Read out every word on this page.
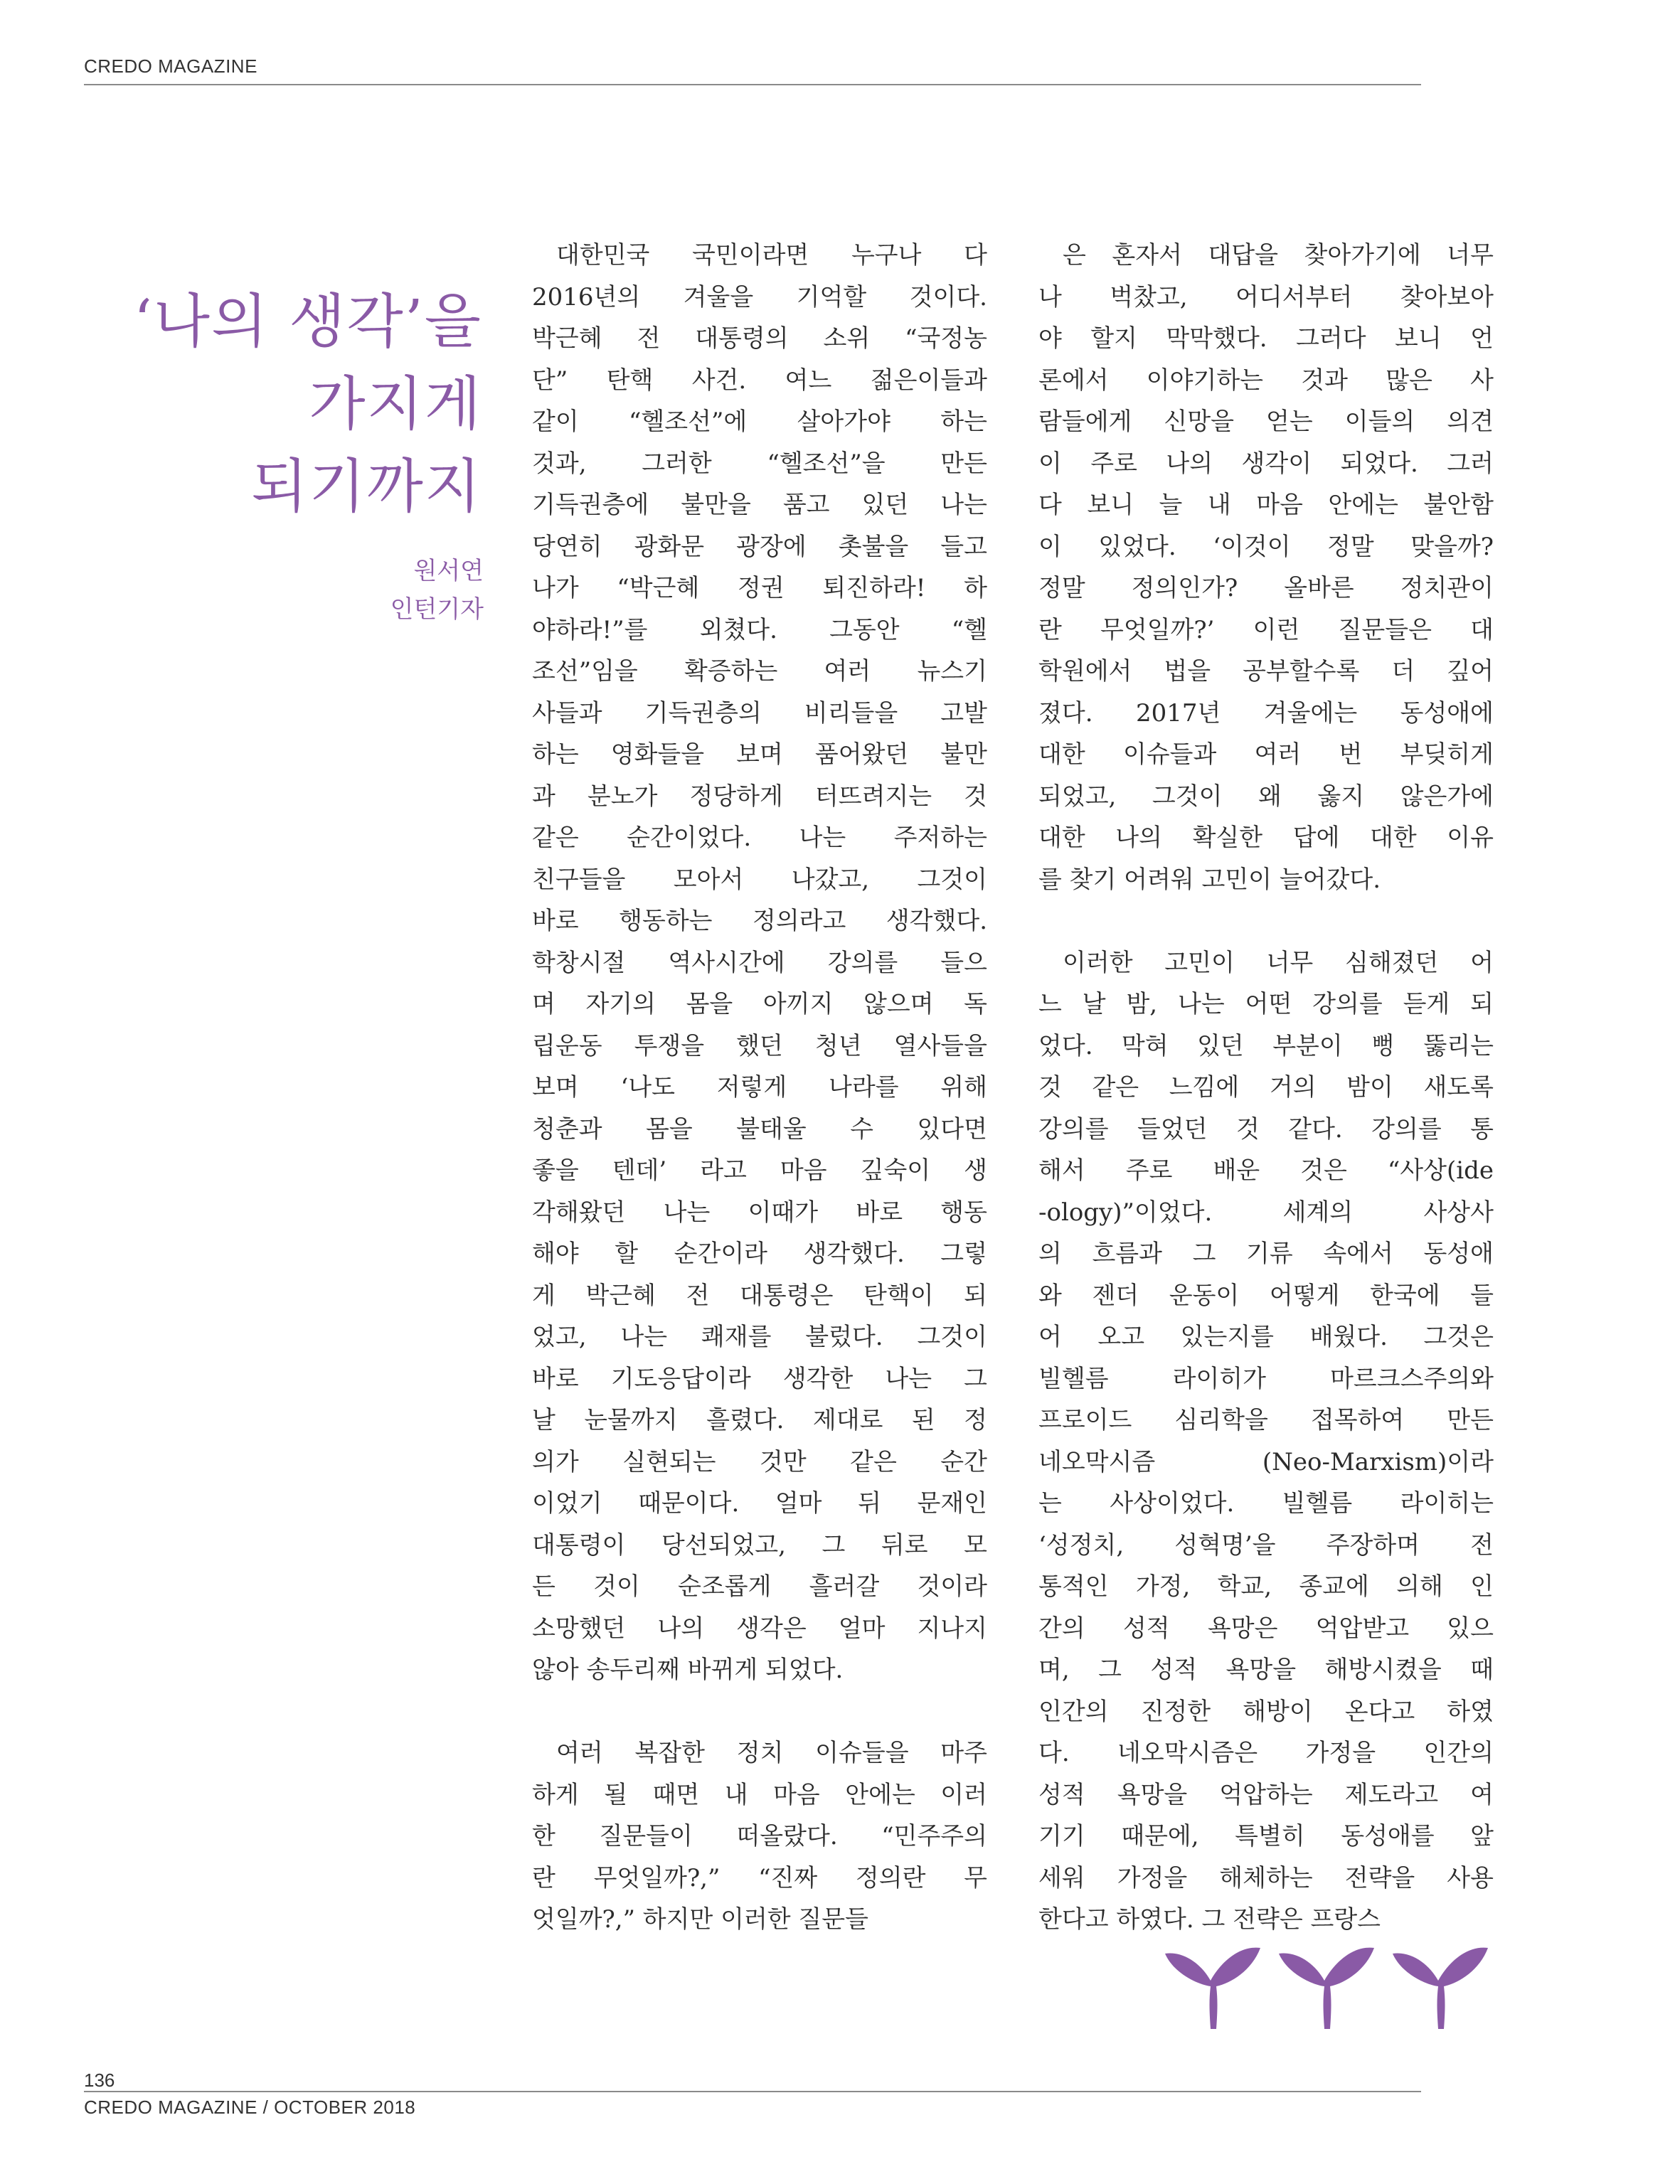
CREDO MAGAZINE
‘나의 생각’을
가지게
되기까지
원서연
인턴기자

대한민국 국민이라면 누구나 다

2016년의 겨울을 기억할 것이다.

박근혜 전 대통령의 소위 “국정농

단” 탄핵 사건. 여느 젊은이들과

같이 “헬조선”에 살아가야 하는

것과, 그러한 “헬조선”을 만든

기득권층에 불만을 품고 있던 나는

당연히 광화문 광장에 촛불을 들고

나가 “박근혜 정권 퇴진하라! 하

야하라!”를 외쳤다. 그동안 “헬

조선”임을 확증하는 여러 뉴스기

사들과 기득권층의 비리들을 고발

하는 영화들을 보며 품어왔던 불만

과 분노가 정당하게 터뜨려지는 것

같은 순간이었다. 나는 주저하는

친구들을 모아서 나갔고, 그것이

바로 행동하는 정의라고 생각했다.

학창시절 역사시간에 강의를 들으

며 자기의 몸을 아끼지 않으며 독

립운동 투쟁을 했던 청년 열사들을

보며 ‘나도 저렇게 나라를 위해

청춘과 몸을 불태울 수 있다면

좋을 텐데’ 라고 마음 깊숙이 생

각해왔던 나는 이때가 바로 행동

해야 할 순간이라 생각했다. 그렇

게 박근혜 전 대통령은 탄핵이 되

었고, 나는 쾌재를 불렀다. 그것이

바로 기도응답이라 생각한 나는 그

날 눈물까지 흘렸다. 제대로 된 정

의가 실현되는 것만 같은 순간

이었기 때문이다. 얼마 뒤 문재인

대통령이 당선되었고, 그 뒤로 모

든 것이 순조롭게 흘러갈 것이라

소망했던 나의 생각은 얼마 지나지

않아 송두리째 바뀌게 되었다.

여러 복잡한 정치 이슈들을 마주

하게 될 때면 내 마음 안에는 이러

한 질문들이 떠올랐다. “민주주의

란 무엇일까?,” “진짜 정의란 무

엇일까?,” 하지만 이러한 질문들

은 혼자서 대답을 찾아가기에 너무

나 벅찼고, 어디서부터 찾아보아

야 할지 막막했다. 그러다 보니 언

론에서 이야기하는 것과 많은 사

람들에게 신망을 얻는 이들의 의견

이 주로 나의 생각이 되었다. 그러

다 보니 늘 내 마음 안에는 불안함

이 있었다. ‘이것이 정말 맞을까?

정말 정의인가? 올바른 정치관이

란 무엇일까?’ 이런 질문들은 대

학원에서 법을 공부할수록 더 깊어

졌다. 2017년 겨울에는 동성애에

대한 이슈들과 여러 번 부딪히게

되었고, 그것이 왜 옳지 않은가에

대한 나의 확실한 답에 대한 이유

를 찾기 어려워 고민이 늘어갔다.

이러한 고민이 너무 심해졌던 어

느 날 밤, 나는 어떤 강의를 듣게 되

었다. 막혀 있던 부분이 뻥 뚫리는

것 같은 느낌에 거의 밤이 새도록

강의를 들었던 것 같다. 강의를 통

해서 주로 배운 것은 “사상(ide

-ology)”이었다. 세계의 사상사

의 흐름과 그 기류 속에서 동성애

와 젠더 운동이 어떻게 한국에 들

어 오고 있는지를 배웠다. 그것은

빌헬름 라이히가 마르크스주의와

프로이드 심리학을 접목하여 만든

네오막시즘 (Neo-Marxism)이라

는 사상이었다. 빌헬름 라이히는

‘성정치, 성혁명’을 주장하며 전

통적인 가정, 학교, 종교에 의해 인

간의 성적 욕망은 억압받고 있으

며, 그 성적 욕망을 해방시켰을 때

인간의 진정한 해방이 온다고 하였

다. 네오막시즘은 가정을 인간의

성적 욕망을 억압하는 제도라고 여

기기 때문에, 특별히 동성애를 앞

세워 가정을 해체하는 전략을 사용

한다고 하였다. 그 전략은 프랑스

136
CREDO MAGAZINE / OCTOBER 2018
